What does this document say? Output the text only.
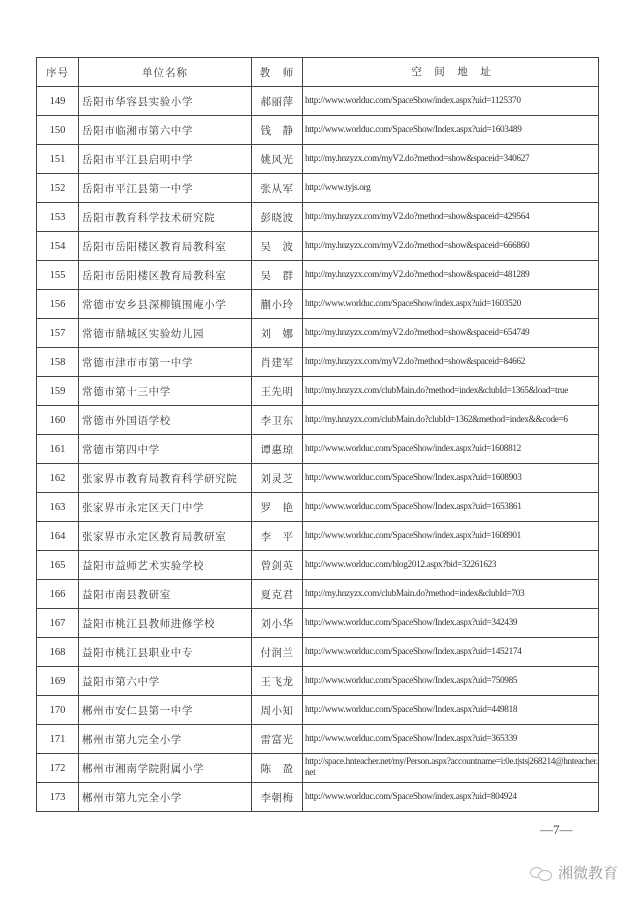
序号	单位名称	教　师	空　间　地　址
149	岳阳市华容县实验小学	郝丽萍	http://www.worlduc.com/SpaceShow/index.aspx?uid=1125370
150	岳阳市临湘市第六中学	钱　静	http://www.worlduc.com/SpaceShow/Index.aspx?uid=1603489
151	岳阳市平江县启明中学	姚风光	http://my.hnzyzx.com/myV2.do?method=show&spaceid=340627
152	岳阳市平江县第一中学	张从军	http://www.tyjs.org
153	岳阳市教育科学技术研究院	彭晓波	http://my.hnzyzx.com/myV2.do?method=show&spaceid=429564
154	岳阳市岳阳楼区教育局教科室	吴　波	http://my.hnzyzx.com/myV2.do?method=show&spaceid=666860
155	岳阳市岳阳楼区教育局教科室	吴　群	http://my.hnzyzx.com/myV2.do?method=show&spaceid=481289
156	常德市安乡县深柳镇围庵小学	蒯小玲	http://www.worlduc.com/SpaceShow/index.aspx?uid=1603520
157	常德市鼎城区实验幼儿园	刘　娜	http://my.hnzyzx.com/myV2.do?method=show&spaceid=654749
158	常德市津市市第一中学	肖建军	http://my.hnzyzx.com/myV2.do?method=show&spaceid=84662
159	常德市第十三中学	王先明	http://my.hnzyzx.com/clubMain.do?method=index&clubId=1365&load=true
160	常德市外国语学校	李卫东	http://my.hnzyzx.com/clubMain.do?clubId=1362&method=index&&code=6
161	常德市第四中学	谭惠琼	http://www.worlduc.com/SpaceShow/index.aspx?uid=1608812
162	张家界市教育局教育科学研究院	刘灵芝	http://www.worlduc.com/SpaceShow/Index.aspx?uid=1608903
163	张家界市永定区天门中学	罗　艳	http://www.worlduc.com/SpaceShow/Index.aspx?uid=1653861
164	张家界市永定区教育局教研室	李　平	http://www.worlduc.com/SpaceShow/index.aspx?uid=1608901
165	益阳市益师艺术实验学校	曾剑英	http://www.worlduc.com/blog2012.aspx?bid=32261623
166	益阳市南县教研室	夏克君	http://my.hnzyzx.com/clubMain.do?method=index&clubId=703
167	益阳市桃江县教师进修学校	刘小华	http://www.worlduc.com/SpaceShow/Index.aspx?uid=342439
168	益阳市桃江县职业中专	付润兰	http://www.worlduc.com/SpaceShow/Index.aspx?uid=1452174
169	益阳市第六中学	王飞龙	http://www.worlduc.com/SpaceShow/Index.aspx?uid=750985
170	郴州市安仁县第一中学	周小知	http://www.worlduc.com/SpaceShow/Index.aspx?uid=449818
171	郴州市第九完全小学	雷富光	http://www.worlduc.com/SpaceShow/Index.aspx?uid=365339
172	郴州市湘南学院附属小学	陈　盈	http://space.hnteacher.net/my/Person.aspx?accountname=i:0e.t|sts|268214@hnteacher.net
173	郴州市第九完全小学	李朝梅	http://www.worlduc.com/SpaceShow/index.aspx?uid=804924
—7—
湘微教育
